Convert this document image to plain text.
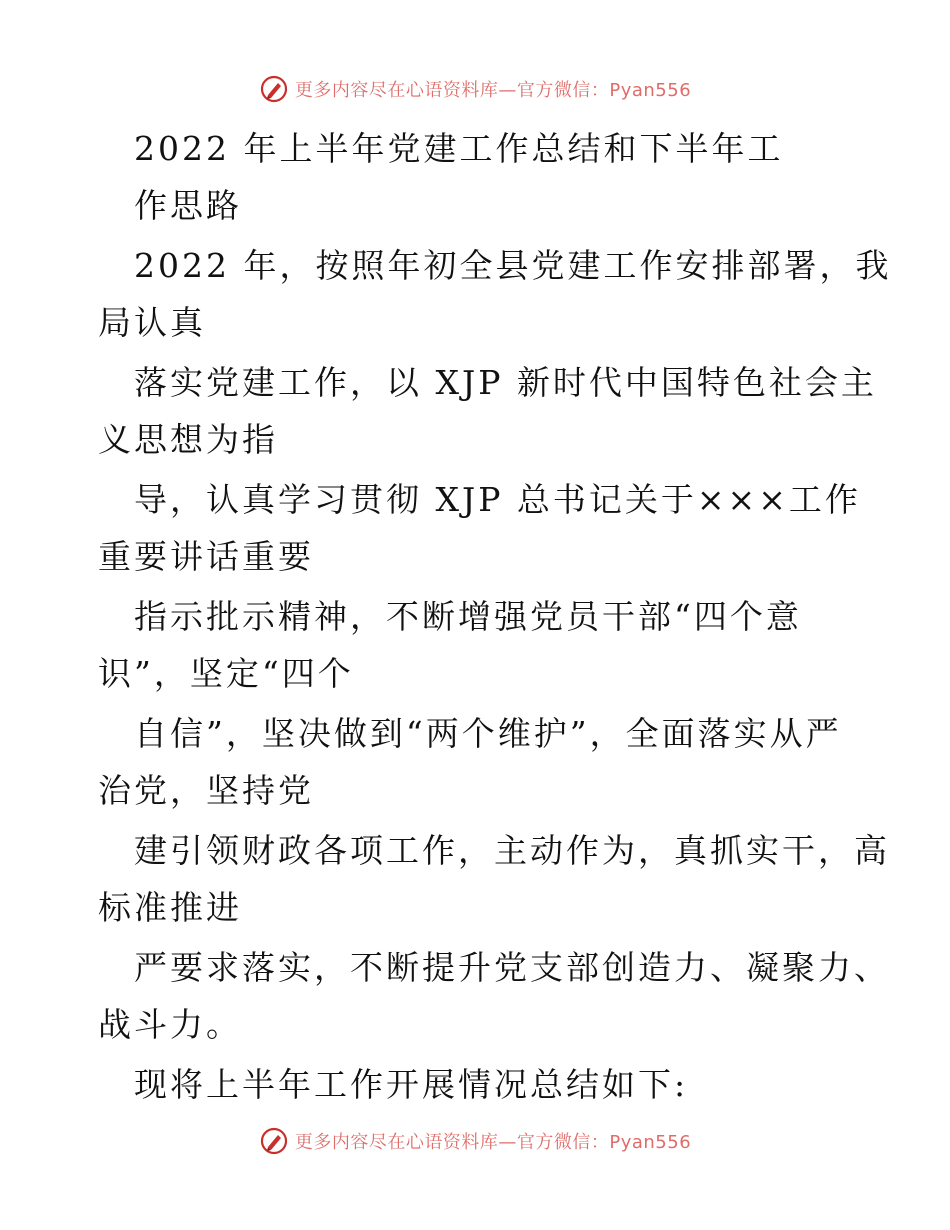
更多内容尽在心语资料库—官方微信：Pyan556
2022 年上半年党建工作总结和下半年工
作思路
2022 年，按照年初全县党建工作安排部署，我
局认真
落实党建工作，以 XJP 新时代中国特色社会主
义思想为指
导，认真学习贯彻 XJP 总书记关于×××工作
重要讲话重要
指示批示精神，不断增强党员干部“四个意
识”，坚定“四个
自信”，坚决做到“两个维护”，全面落实从严
治党，坚持党
建引领财政各项工作，主动作为，真抓实干，高
标准推进
严要求落实，不断提升党支部创造力、凝聚力、
战斗力。
现将上半年工作开展情况总结如下:
更多内容尽在心语资料库—官方微信：Pyan556
